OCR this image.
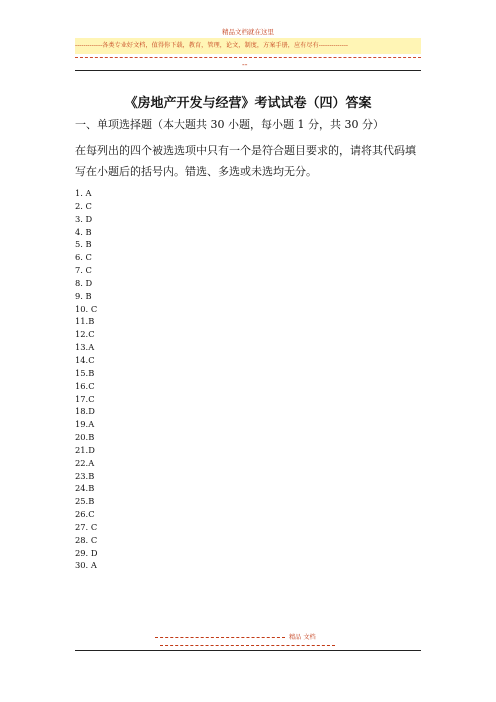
精品文档就在这里
-------------各类专业好文档，值得你下载，教育，管理，论文，制度，方案手册，应有尽有--------------
--
《房地产开发与经营》考试试卷（四）答案
一、单项选择题（本大题共 30 小题，每小题 1 分，共 30 分）
在每列出的四个被选选项中只有一个是符合题目要求的，请将其代码填写在小题后的括号内。错选、多选或未选均无分。
1. A
2. C
3. D
4. B
5. B
6. C
7. C
8. D
9. B
10. C
11.B
12.C
13.A
14.C
15.B
16.C
17.C
18.D
19.A
20.B
21.D
22.A
23.B
24.B
25.B
26.C
27. C
28. C
29. D
30. A
精品 文档
